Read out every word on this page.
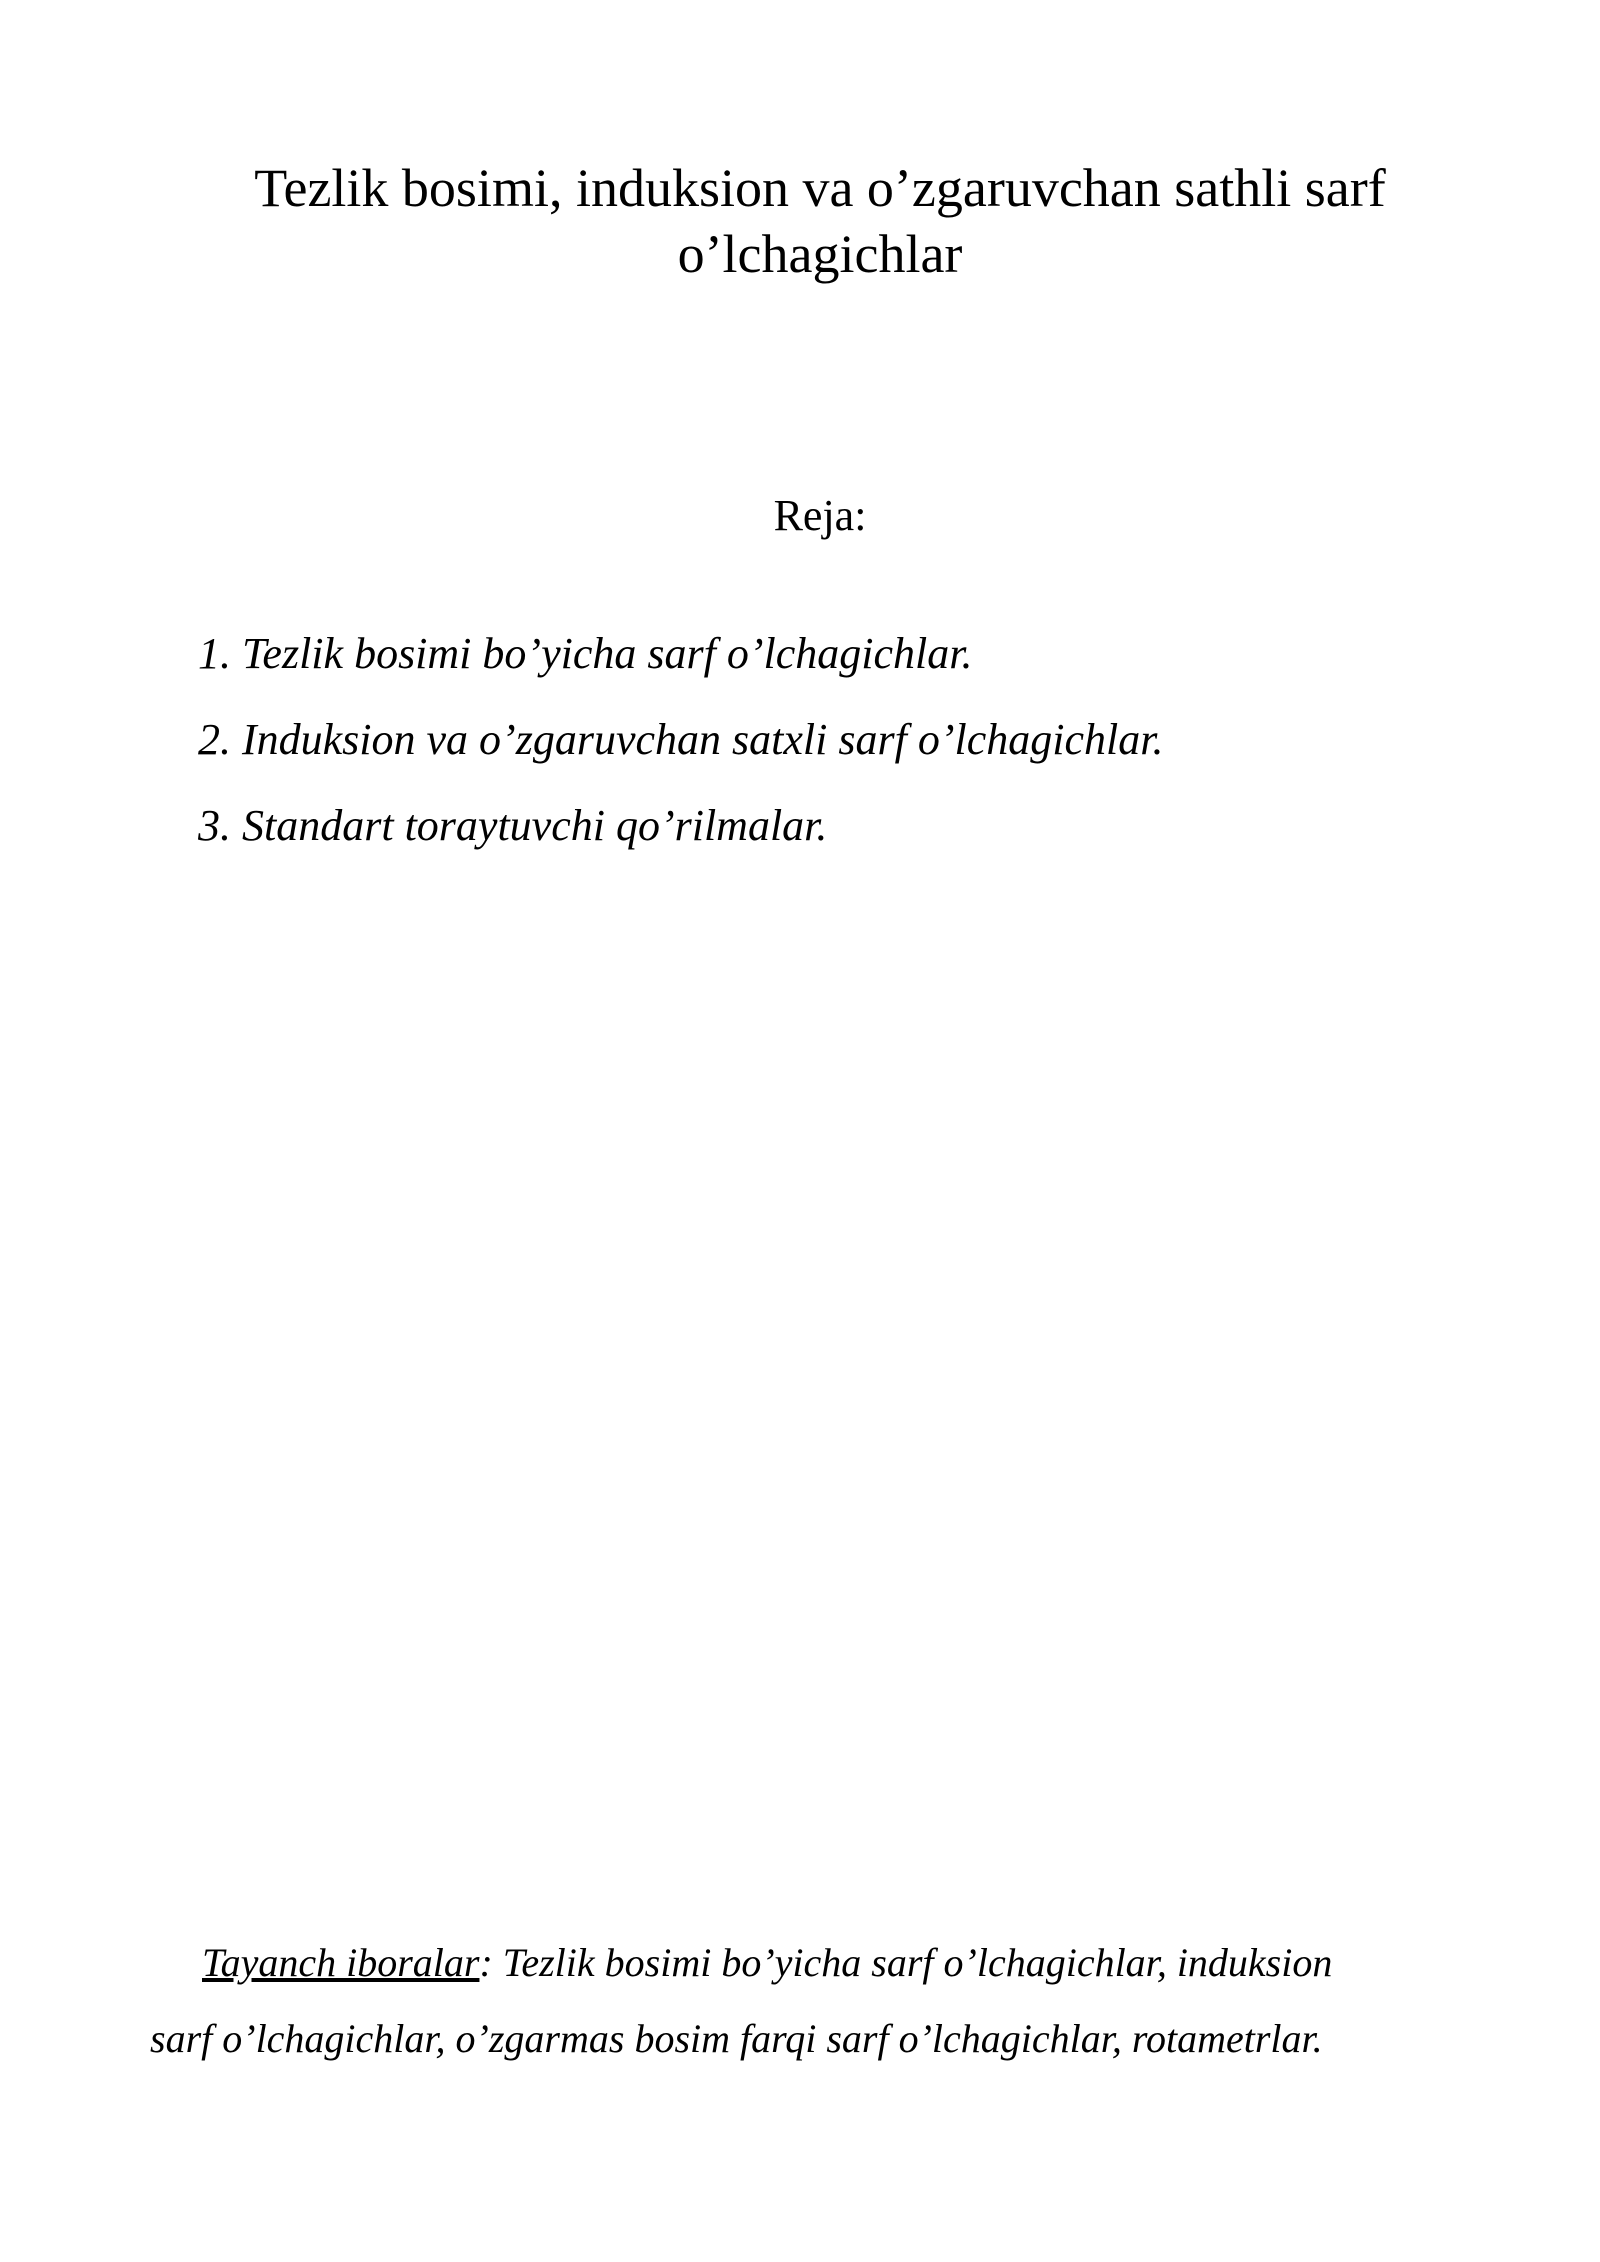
Tezlik bosimi, induksion va o’zgaruvchan sathli sarf
o’lchagichlar
Reja:
1. Tezlik bosimi bo’yicha sarf o’lchagichlar.
2. Induksion va o’zgaruvchan satxli sarf o’lchagichlar.
3. Standart toraytuvchi qo’rilmalar.

Tayanch iboralar: Tezlik bosimi bo’yicha sarf o’lchagichlar, induksion
sarf o’lchagichlar, o’zgarmas bosim farqi sarf o’lchagichlar, rotametrlar.
